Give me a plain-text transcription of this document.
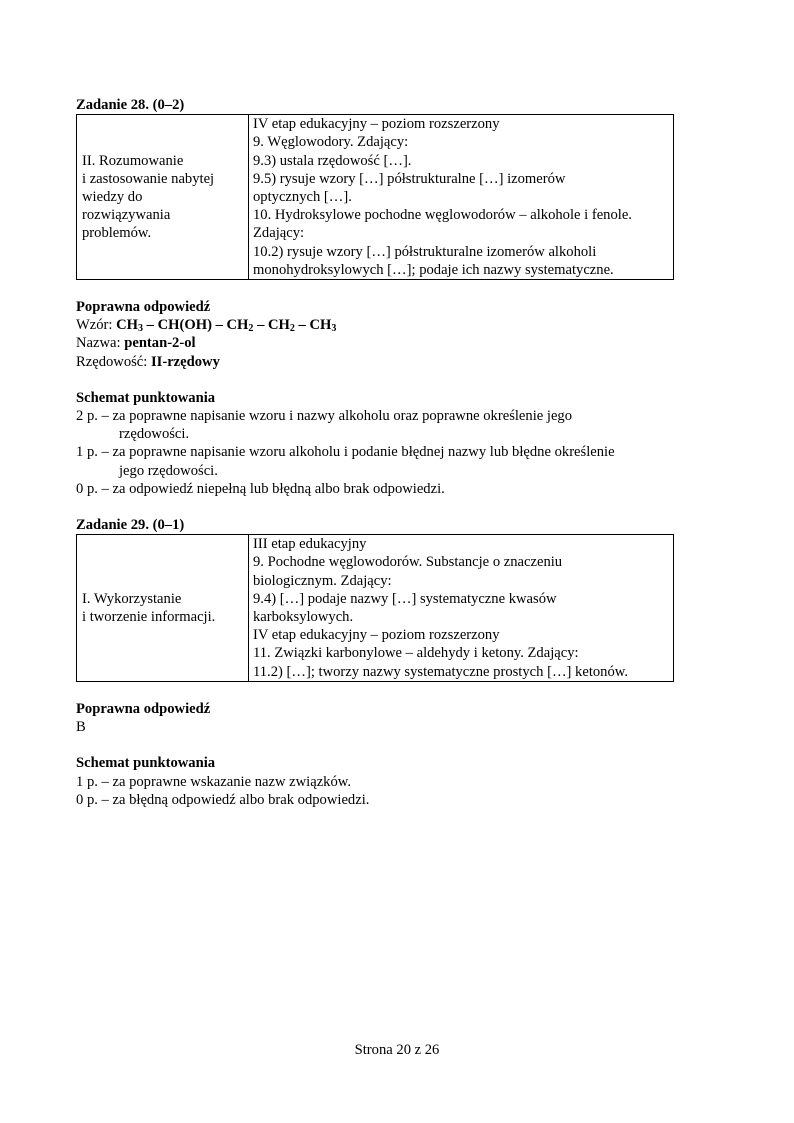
Zadanie 28. (0–2)
II. Rozumowanie
i zastosowanie nabytej
wiedzy do
rozwiązywania
problemów.

IV etap edukacyjny – poziom rozszerzony
9. Węglowodory. Zdający:
9.3) ustala rzędowość […].
9.5) rysuje wzory […] półstrukturalne […] izomerów
optycznych […].
10. Hydroksylowe pochodne węglowodorów – alkohole i fenole.
Zdający:
10.2) rysuje wzory […] półstrukturalne izomerów alkoholi
monohydroksylowych […]; podaje ich nazwy systematyczne.
Poprawna odpowiedź
Wzór: $CH_3 - CH(OH) - CH_2 - CH_2 - CH_3$
Nazwa: pentan-2-ol
Rzędowość: II-rzędowy
Schemat punktowania
2 p. – za poprawne napisanie wzoru i nazwy alkoholu oraz poprawne określenie jego
rzędowości.
1 p. – za poprawne napisanie wzoru alkoholu i podanie błędnej nazwy lub błędne określenie
jego rzędowości.
0 p. – za odpowiedź niepełną lub błędną albo brak odpowiedzi.
Zadanie 29. (0–1)
I. Wykorzystanie
i tworzenie informacji.

III etap edukacyjny
9. Pochodne węglowodorów. Substancje o znaczeniu
biologicznym. Zdający:
9.4) […] podaje nazwy […] systematyczne kwasów
karboksylowych.
IV etap edukacyjny – poziom rozszerzony
11. Związki karbonylowe – aldehydy i ketony. Zdający:
11.2) […]; tworzy nazwy systematyczne prostych […] ketonów.
Poprawna odpowiedź
B
Schemat punktowania
1 p. – za poprawne wskazanie nazw związków.
0 p. – za błędną odpowiedź albo brak odpowiedzi.
Strona 20 z 26
